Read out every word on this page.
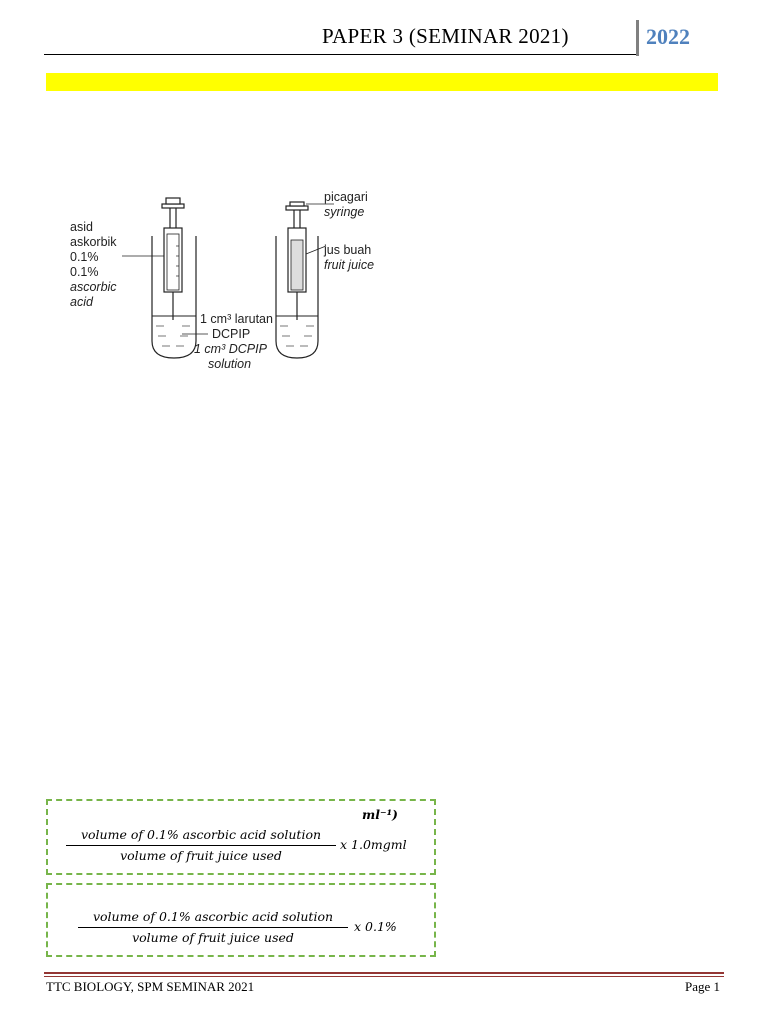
PAPER 3 (SEMINAR 2021)	2022
asid
askorbik
0.1%
0.1%
ascorbic
acid
1 cm³ larutan
DCPIP
1 cm³ DCPIP
solution
picagari
syringe
jus buah
fruit juice
ml⁻¹)
volume of 0.1% ascorbic acid solution
volume of fruit juice used
x 1.0mgml
volume of 0.1% ascorbic acid solution
volume of fruit juice used
x 0.1%
TTC BIOLOGY, SPM SEMINAR 2021	Page 1
